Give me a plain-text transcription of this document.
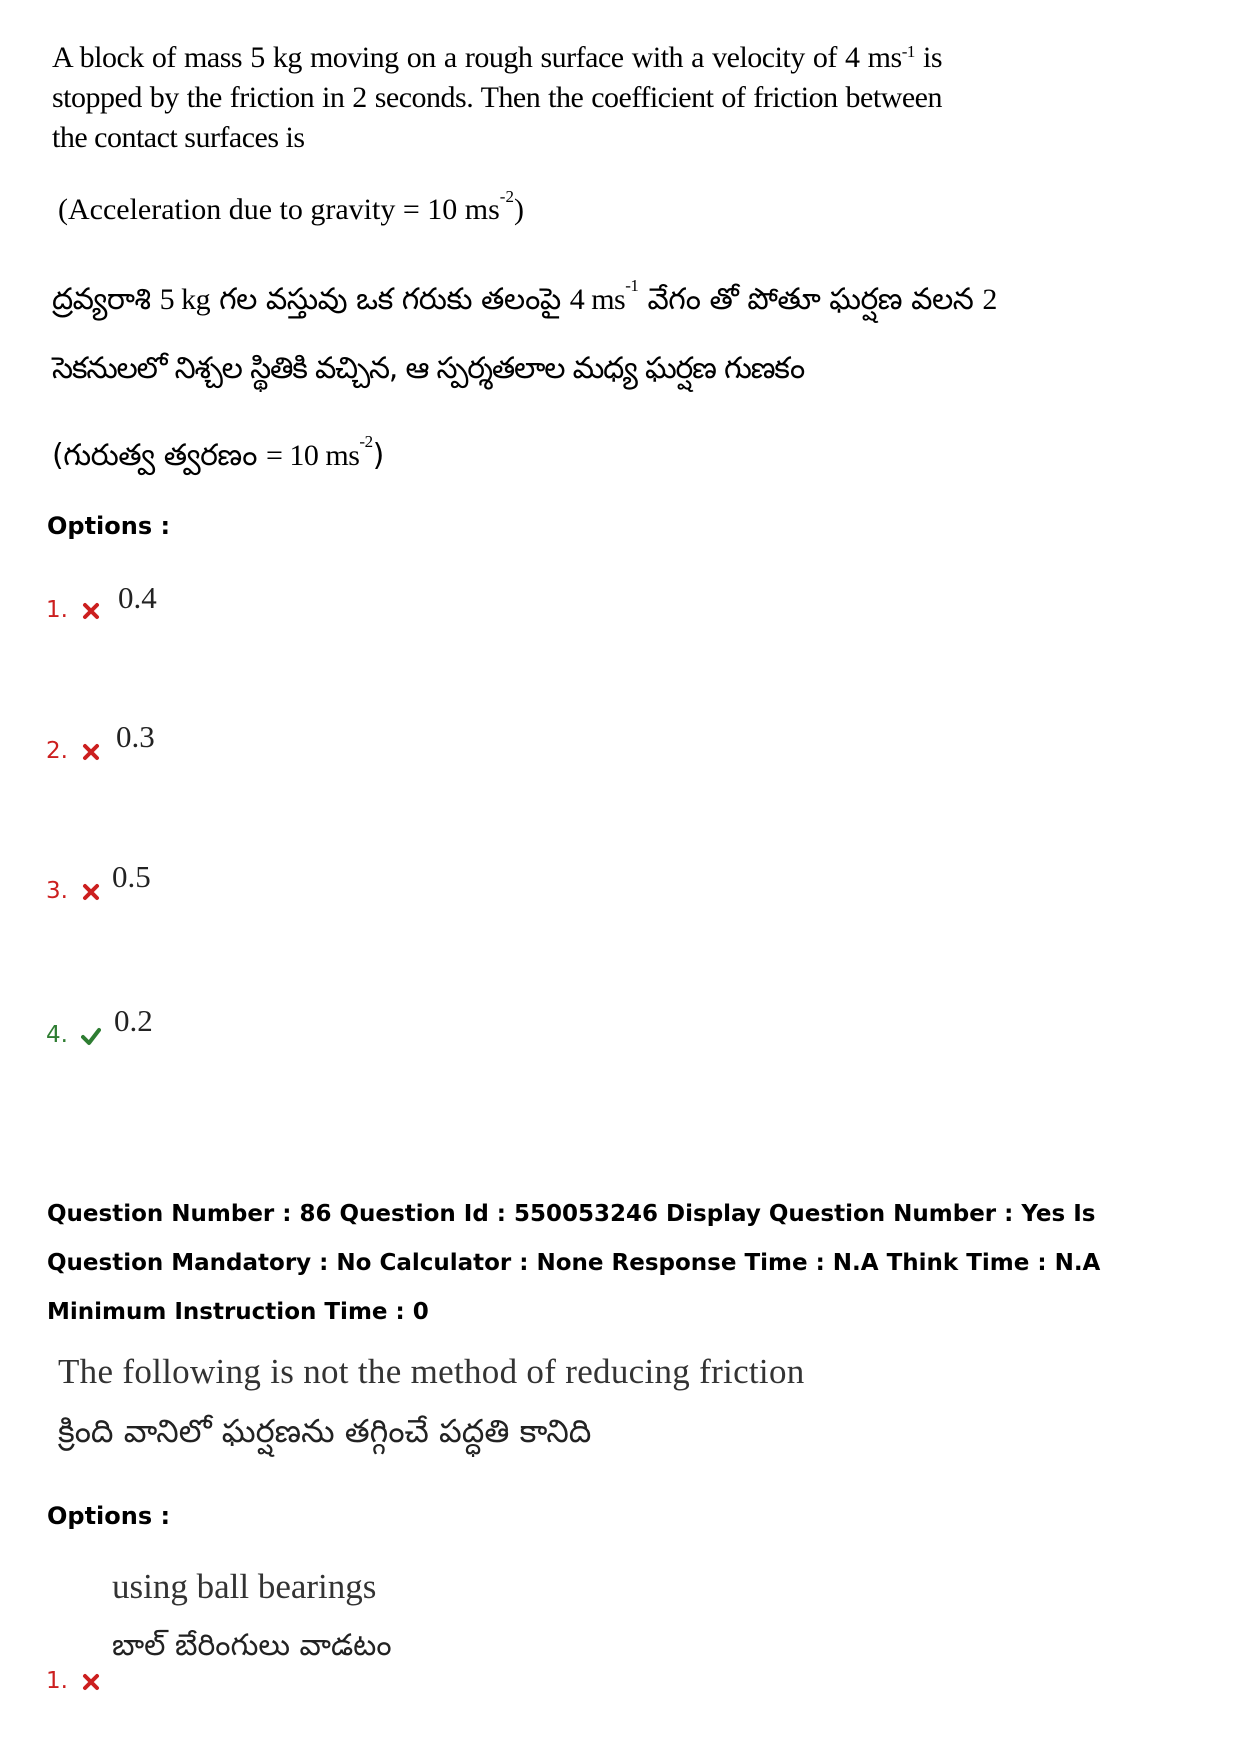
A block of mass 5 kg moving on a rough surface with a velocity of 4 $ms^{-1}$ is stopped by the friction in 2 seconds. Then the coefficient of friction between the contact surfaces is
(Acceleration due to gravity = 10 $ms^{-2}$)
ద్రవ్యరాశి 5 kg గల వస్తువు ఒక గరుకు తలంపై 4 $ms^{-1}$ వేగం తో పోతూ ఘర్షణ వలన 2
సెకనులలో నిశ్చల స్థితికి వచ్చిన, ఆ స్పర్శతలాల మధ్య ఘర్షణ గుణకం
(గురుత్వ త్వరణం = 10 $ms^{-2}$)
Options :
1.	0.4
2.	0.3
3.	0.5
4.	0.2
Question Number : 86 Question Id : 550053246 Display Question Number : Yes Is Question Mandatory : No Calculator : None Response Time : N.A Think Time : N.A Minimum Instruction Time : 0
The following is not the method of reducing friction
క్రింది వానిలో ఘర్షణను తగ్గించే పద్ధతి కానిది
Options :
using ball bearings
బాల్ బేరింగులు వాడటం
1.
